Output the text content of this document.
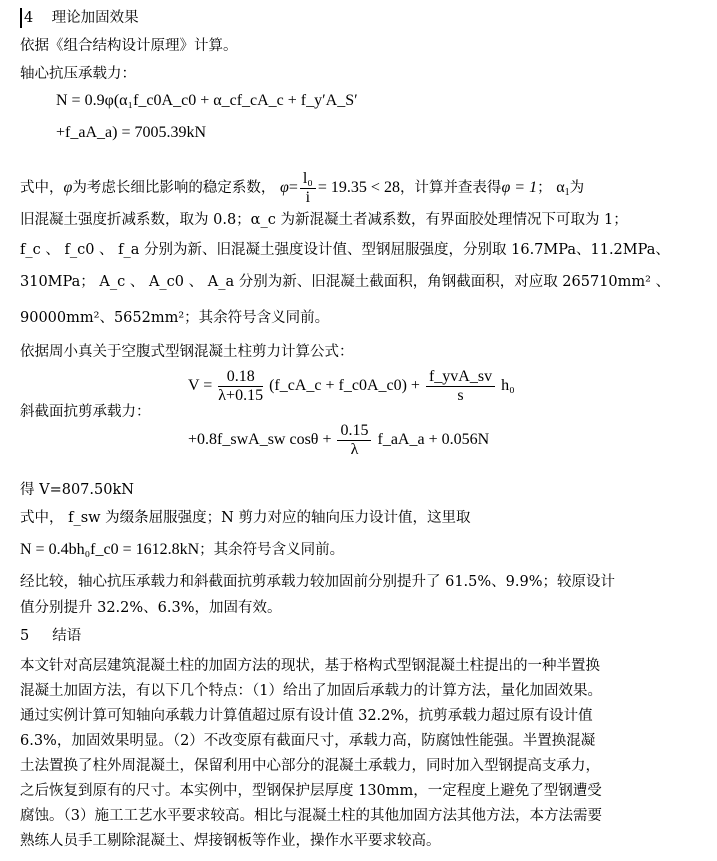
4 理论加固效果
依据《组合结构设计原理》计算。
轴心抗压承载力：
N = 0.9φ(α₁f_c0A_c0 + α_cf_cA_c + f_y′A_S′
+f_aA_a) = 7005.39kN
式中，φ为考虑长细比影响的稳定系数， $\varphi= \frac{\text{l₀}}{i} = 19.35 < 28$，计算并查表得φ = 1； $\alpha_1$为
旧混凝土强度折减系数，取为 0.8；α_c 为新混凝土者减系数，有界面胶处理情况下可取为 1；
f_c 、 f_c0 、 f_a 分别为新、旧混凝土强度设计值、型钢屈服强度，分别取 16.7MPa、11.2MPa、
310MPa； A_c 、 A_c0 、 A_a 分别为新、旧混凝土截面积，角钢截面积，对应取 265710mm² 、
90000mm²、5652mm²；其余符号含义同前。
依据周小真关于空腹式型钢混凝土柱剪力计算公式：
$V = \frac{0.18}{\lambda+0.15}$ (f_cA_c + f_c0A_c0) + $\frac{\text{f\_yvA\_sv}}{s} h_0$
斜截面抗剪承载力：
+0.8f_swA_sw $\cos\theta + \frac{0.15}{\lambda}$ f_aA_a + 0.056N
得 V=807.50kN
式中， f_sw 为缀条屈服强度；N 剪力对应的轴向压力设计值，这里取
N = 0.4bh₀f_c0 = 1612.8kN；其余符号含义同前。
经比较，轴心抗压承载力和斜截面抗剪承载力较加固前分别提升了 61.5%、9.9%；较原设计
值分别提升 32.2%、6.3%，加固有效。
5 结语
本文针对高层建筑混凝土柱的加固方法的现状，基于格构式型钢混凝土柱提出的一种半置换
混凝土加固方法，有以下几个特点：（1）给出了加固后承载力的计算方法，量化加固效果。
通过实例计算可知轴向承载力计算值超过原有设计值 32.2%，抗剪承载力超过原有设计值
6.3%，加固效果明显。（2）不改变原有截面尺寸，承载力高，防腐蚀性能强。半置换混凝
土法置换了柱外周混凝土，保留利用中心部分的混凝土承载力，同时加入型钢提高支承力，
之后恢复到原有的尺寸。本实例中，型钢保护层厚度 130mm，一定程度上避免了型钢遭受
腐蚀。（3）施工工艺水平要求较高。相比与混凝土柱的其他加固方法其他方法，本方法需要
熟练人员手工剔除混凝土、焊接钢板等作业，操作水平要求较高。
